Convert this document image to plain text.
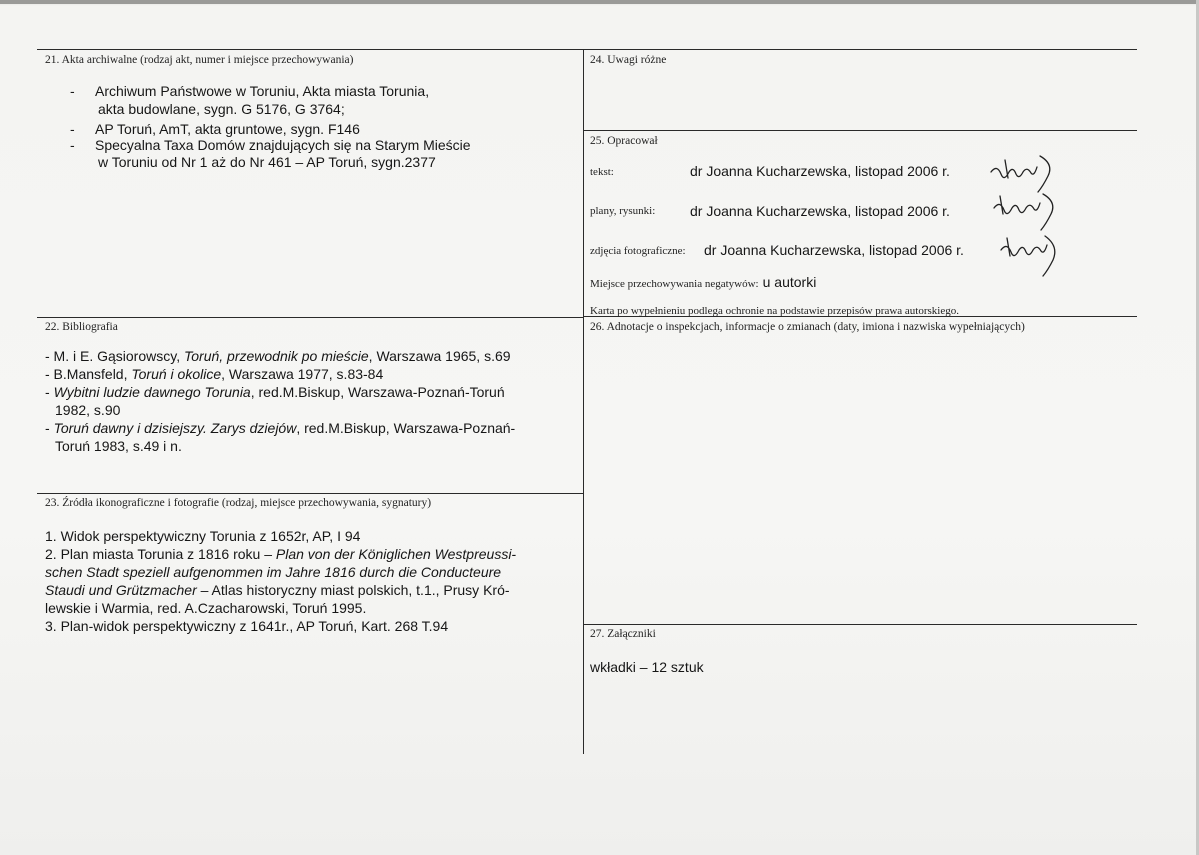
21. Akta archiwalne (rodzaj akt, numer i miejsce przechowywania)
- Archiwum Państwowe w Toruniu, Akta miasta Torunia,
akta budowlane, sygn. G 5176, G 3764;
- AP Toruń, AmT, akta gruntowe, sygn. F146
- Specyalna Taxa Domów znajdujących się na Starym Mieście
w Toruniu od Nr 1 aż do Nr 461 – AP Toruń, sygn.2377
22. Bibliografia
- M. i E. Gąsiorowscy, Toruń, przewodnik po mieście, Warszawa 1965, s.69
- B.Mansfeld, Toruń i okolice, Warszawa 1977, s.83-84
- Wybitni ludzie dawnego Torunia, red.M.Biskup, Warszawa-Poznań-Toruń
1982, s.90
- Toruń dawny i dzisiejszy. Zarys dziejów, red.M.Biskup, Warszawa-Poznań-
Toruń 1983, s.49 i n.
23. Źródła ikonograficzne i fotografie (rodzaj, miejsce przechowywania, sygnatury)
1. Widok perspektywiczny Torunia z 1652r, AP, I 94
2. Plan miasta Torunia z 1816 roku – Plan von der Königlichen Westpreussi-
schen Stadt speziell aufgenommen im Jahre 1816 durch die Conducteure
Staudi und Grützmacher – Atlas historyczny miast polskich, t.1., Prusy Kró-
lewskie i Warmia, red. A.Czacharowski, Toruń 1995.
3. Plan-widok perspektywiczny z 1641r., AP Toruń, Kart. 268 T.94
24. Uwagi różne
25. Opracował
tekst:	dr Joanna Kucharzewska, listopad 2006 r.
plany, rysunki: dr Joanna Kucharzewska, listopad 2006 r.
zdjęcia fotograficzne: dr Joanna Kucharzewska, listopad 2006 r.
Miejsce przechowywania negatywów: u autorki
Karta po wypełnieniu podlega ochronie na podstawie przepisów prawa autorskiego.
26. Adnotacje o inspekcjach, informacje o zmianach (daty, imiona i nazwiska wypełniających)
27. Załączniki
wkładki – 12 sztuk
